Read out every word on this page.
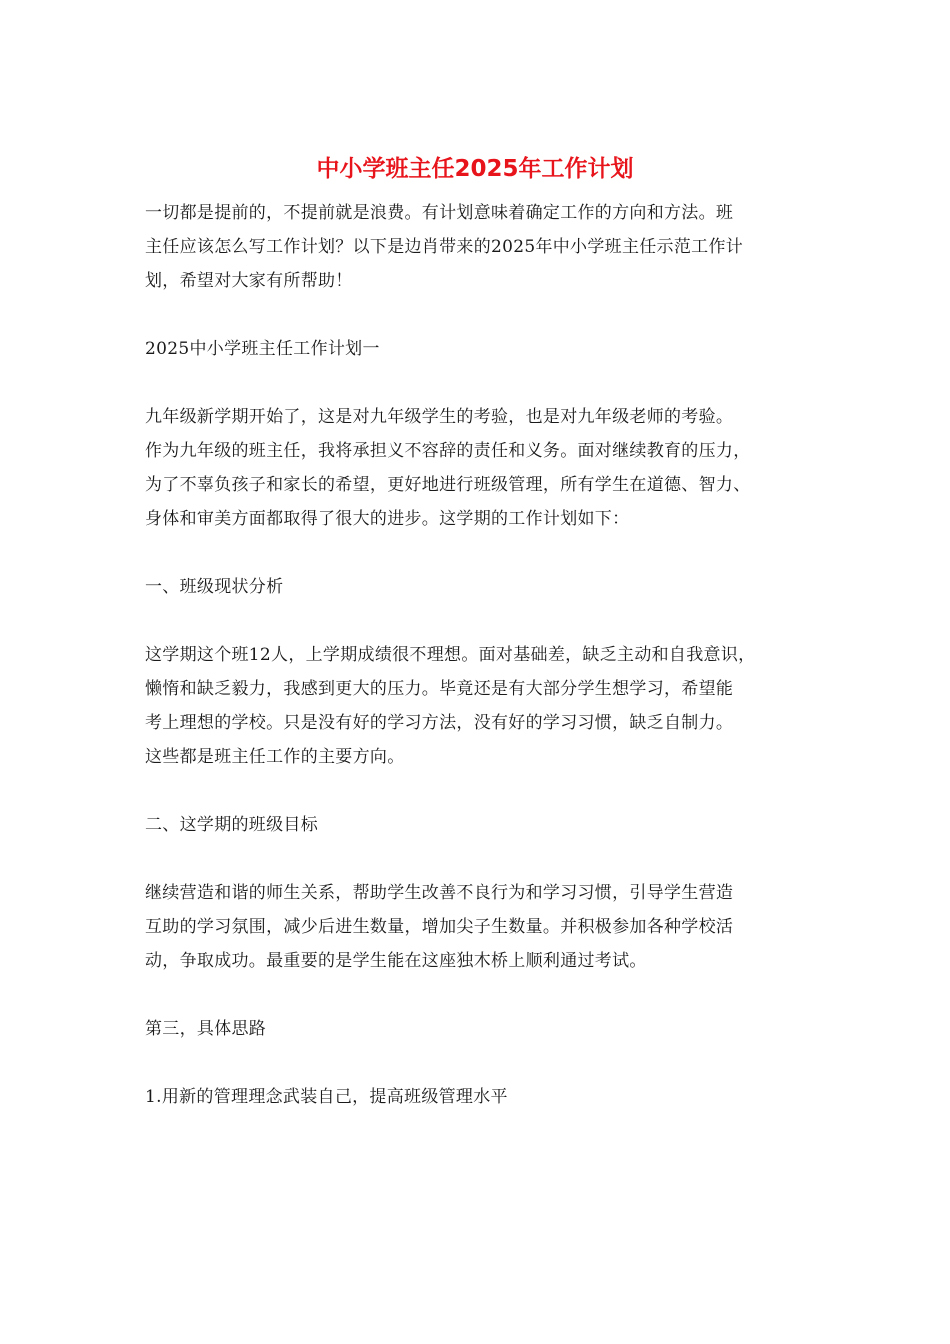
中小学班主任2025年工作计划
一切都是提前的，不提前就是浪费。有计划意味着确定工作的方向和方法。班
主任应该怎么写工作计划？以下是边肖带来的2025年中小学班主任示范工作计
划，希望对大家有所帮助！
2025中小学班主任工作计划一
九年级新学期开始了，这是对九年级学生的考验，也是对九年级老师的考验。
作为九年级的班主任，我将承担义不容辞的责任和义务。面对继续教育的压力，
为了不辜负孩子和家长的希望，更好地进行班级管理，所有学生在道德、智力、
身体和审美方面都取得了很大的进步。这学期的工作计划如下：
一、班级现状分析
这学期这个班12人，上学期成绩很不理想。面对基础差，缺乏主动和自我意识，
懒惰和缺乏毅力，我感到更大的压力。毕竟还是有大部分学生想学习，希望能
考上理想的学校。只是没有好的学习方法，没有好的学习习惯，缺乏自制力。
这些都是班主任工作的主要方向。
二、这学期的班级目标
继续营造和谐的师生关系，帮助学生改善不良行为和学习习惯，引导学生营造
互助的学习氛围，减少后进生数量，增加尖子生数量。并积极参加各种学校活
动，争取成功。最重要的是学生能在这座独木桥上顺利通过考试。
第三，具体思路
1.用新的管理理念武装自己，提高班级管理水平
